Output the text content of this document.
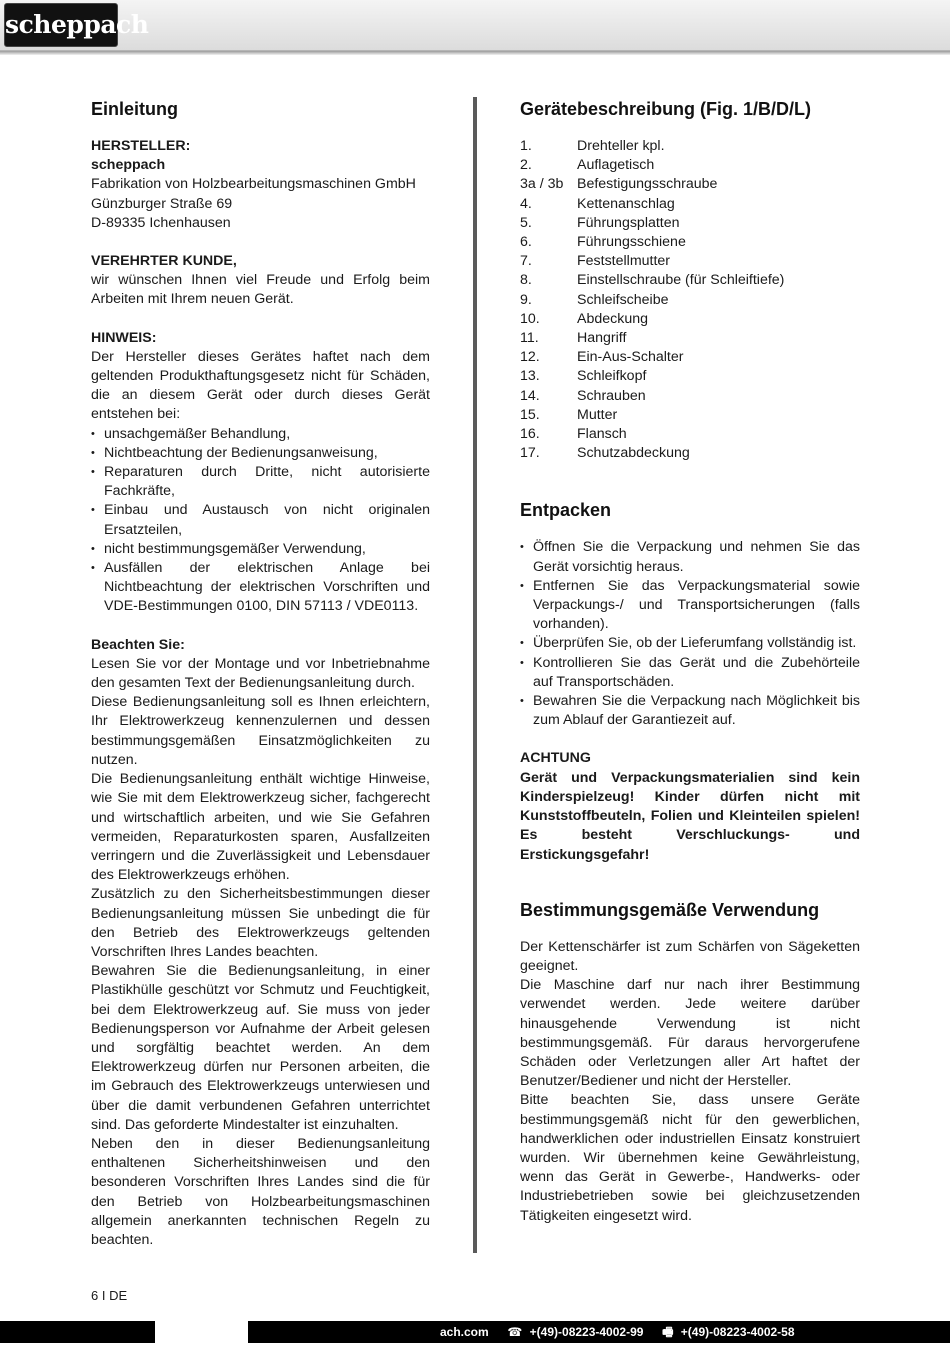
scheppach
Einleitung
HERSTELLER:
scheppach
Fabrikation von Holzbearbeitungsmaschinen GmbH
Günzburger Straße 69
D-89335 Ichenhausen
VEREHRTER KUNDE,

wir wünschen Ihnen viel Freude und Erfolg beim Arbeiten mit Ihrem neuen Gerät.

HINWEIS:

Der Hersteller dieses Gerätes haftet nach dem geltenden Produkthaftungsgesetz nicht für Schäden, die an diesem Gerät oder durch dieses Gerät entstehen bei:

• unsachgemäßer Behandlung,
• Nichtbeachtung der Bedienungsanweisung,
• Reparaturen durch Dritte, nicht autorisierte Fachkräfte,
• Einbau und Austausch von nicht originalen Ersatzteilen,
• nicht bestimmungsgemäßer Verwendung,
• Ausfällen der elektrischen Anlage bei Nichtbeachtung der elektrischen Vorschriften und VDE-Bestimmungen 0100, DIN 57113 / VDE0113.
Beachten Sie:

Lesen Sie vor der Montage und vor Inbetriebnahme den gesamten Text der Bedienungsanleitung durch.

Diese Bedienungsanleitung soll es Ihnen erleichtern, Ihr Elektrowerkzeug kennenzulernen und dessen bestimmungsgemäßen Einsatzmöglichkeiten zu nutzen.

Die Bedienungsanleitung enthält wichtige Hinweise, wie Sie mit dem Elektrowerkzeug sicher, fachgerecht und wirtschaftlich arbeiten, und wie Sie Gefahren vermeiden, Reparaturkosten sparen, Ausfallzeiten verringern und die Zuverlässigkeit und Lebensdauer des Elektrowerkzeugs erhöhen.

Zusätzlich zu den Sicherheitsbestimmungen dieser Bedienungsanleitung müssen Sie unbedingt die für den Betrieb des Elektrowerkzeugs geltenden Vorschriften Ihres Landes beachten.

Bewahren Sie die Bedienungsanleitung, in einer Plastikhülle geschützt vor Schmutz und Feuchtigkeit, bei dem Elektrowerkzeug auf. Sie muss von jeder Bedienungsperson vor Aufnahme der Arbeit gelesen und sorgfältig beachtet werden. An dem Elektrowerkzeug dürfen nur Personen arbeiten, die im Gebrauch des Elektrowerkzeugs unterwiesen und über die damit verbundenen Gefahren unterrichtet sind. Das geforderte Mindestalter ist einzuhalten.

Neben den in dieser Bedienungsanleitung enthaltenen Sicherheitshinweisen und den besonderen Vorschriften Ihres Landes sind die für den Betrieb von Holzbearbeitungsmaschinen allgemein anerkannten technischen Regeln zu beachten.

Gerätebeschreibung (Fig. 1/B/D/L)
1.	Drehteller kpl.
2.	Auflagetisch
3a / 3b	Befestigungsschraube
4.	Kettenanschlag
5.	Führungsplatten
6.	Führungsschiene
7.	Feststellmutter
8.	Einstellschraube (für Schleiftiefe)
9.	Schleifscheibe
10.	Abdeckung
11.	Hangriff
12.	Ein-Aus-Schalter
13.	Schleifkopf
14.	Schrauben
15.	Mutter
16.	Flansch
17.	Schutzabdeckung
Entpacken
• Öffnen Sie die Verpackung und nehmen Sie das Gerät vorsichtig heraus.
• Entfernen Sie das Verpackungsmaterial sowie Verpackungs-/ und Transportsicherungen (falls vorhanden).
• Überprüfen Sie, ob der Lieferumfang vollständig ist.
• Kontrollieren Sie das Gerät und die Zubehörteile auf Transportschäden.
• Bewahren Sie die Verpackung nach Möglichkeit bis zum Ablauf der Garantiezeit auf.
ACHTUNG

Gerät und Verpackungsmaterialien sind kein Kinderspielzeug! Kinder dürfen nicht mit Kunststoffbeuteln, Folien und Kleinteilen spielen! Es besteht Verschluckungs- und Erstickungsgefahr!

Bestimmungsgemäße Verwendung

Der Kettenschärfer ist zum Schärfen von Sägeketten geeignet.

Die Maschine darf nur nach ihrer Bestimmung verwendet werden. Jede weitere darüber hinausgehende Verwendung ist nicht bestimmungsgemäß. Für daraus hervorgerufene Schäden oder Verletzungen aller Art haftet der Benutzer/Bediener und nicht der Hersteller.

Bitte beachten Sie, dass unsere Geräte bestimmungsgemäß nicht für den gewerblichen, handwerklichen oder industriellen Einsatz konstruiert wurden. Wir übernehmen keine Gewährleistung, wenn das Gerät in Gewerbe-, Handwerks- oder Industriebetrieben sowie bei gleichzusetzenden Tätigkeiten eingesetzt wird.

6 I DE
ach.com ☎ +(49)-08223-4002-99 🖷 +(49)-08223-4002-58
